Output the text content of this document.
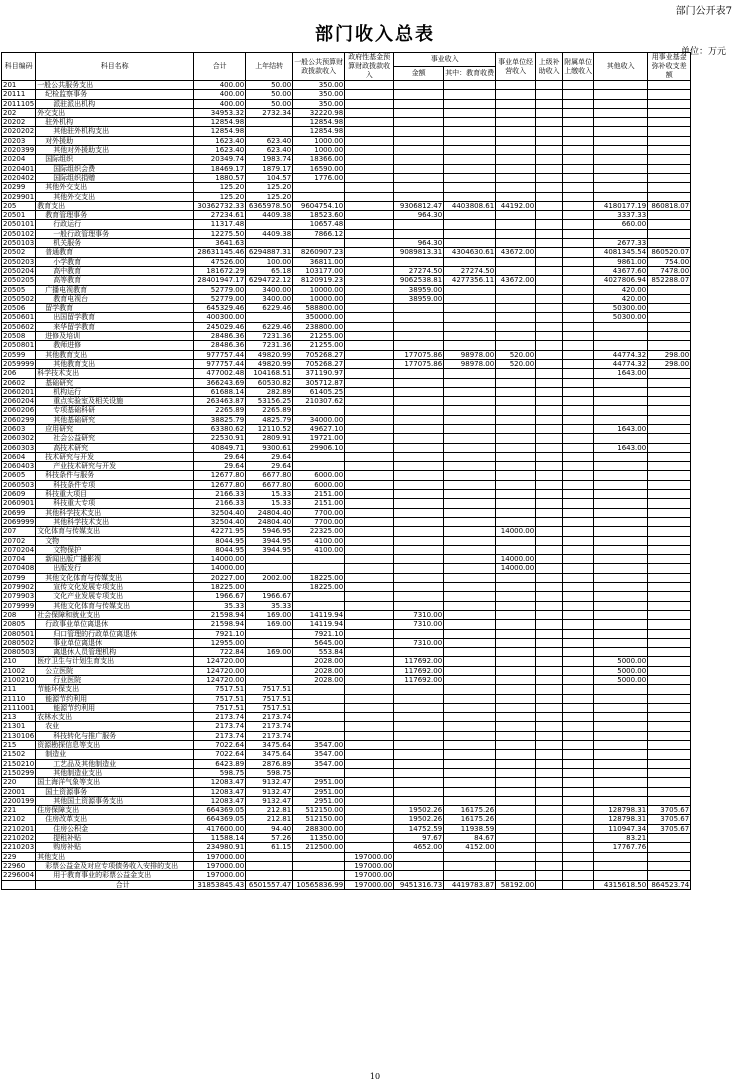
部门公开表7
部门收入总表
单位：万元
科目编码	科目名称	合计	上年结转	一般公共预算财政拨款收入	政府性基金预算财政拨款收入	事业收入		事业单位经营收入	上级补助收入	附属单位上缴收入	其他收入	用事业基金弥补收支差额
						金额	其中：教育收费					
201	一般公共服务支出	400.00	50.00	350.00								
20111	纪检监察事务	400.00	50.00	350.00								
2011105	派驻派出机构	400.00	50.00	350.00								
202	外交支出	34953.32	2732.34	32220.98								
20202	驻外机构	12854.98		12854.98								
2020202	其他驻外机构支出	12854.98		12854.98								
20203	对外援助	1623.40	623.40	1000.00								
2020399	其他对外援助支出	1623.40	623.40	1000.00								
20204	国际组织	20349.74	1983.74	18366.00								
2020401	国际组织会费	18469.17	1879.17	16590.00								
2020402	国际组织捐赠	1880.57	104.57	1776.00								
20299	其他外交支出	125.20	125.20									
2029901	其他外交支出	125.20	125.20									
205	教育支出	30362732.33	6365978.50	9604754.10		9306812.47	4403808.61	44192.00			4180177.19	860818.07
20501	教育管理事务	27234.61	4409.38	18523.60		964.30					3337.33	
2050101	行政运行	11317.48		10657.48							660.00	
2050102	一般行政管理事务	12275.50	4409.38	7866.12								
2050103	机关服务	3641.63				964.30					2677.33	
20502	普通教育	28631145.46	6294887.31	8260907.23		9089813.31	4304630.61	43672.00			4081345.54	860520.07
2050203	小学教育	47526.00	100.00	36811.00							9861.00	754.00
2050204	高中教育	181672.29	65.18	103177.00		27274.50	27274.50				43677.60	7478.00
2050205	高等教育	28401947.17	6294722.12	8120919.23		9062538.81	4277356.11	43672.00			4027806.94	852288.07
20505	广播电视教育	52779.00	3400.00	10000.00		38959.00					420.00	
2050502	教育电视台	52779.00	3400.00	10000.00		38959.00					420.00	
20506	留学教育	645329.46	6229.46	588800.00							50300.00	
2050601	出国留学教育	400300.00		350000.00							50300.00	
2050602	来华留学教育	245029.46	6229.46	238800.00								
20508	进修及培训	28486.36	7231.36	21255.00								
2050801	教师进修	28486.36	7231.36	21255.00								
20599	其他教育支出	977757.44	49820.99	705268.27		177075.86	98978.00	520.00			44774.32	298.00
2059999	其他教育支出	977757.44	49820.99	705268.27		177075.86	98978.00	520.00			44774.32	298.00
206	科学技术支出	477002.48	104168.51	371190.97							1643.00	
20602	基础研究	366243.69	60530.82	305712.87								
2060201	机构运行	61688.14	282.89	61405.25								
2060204	重点实验室及相关设施	263463.87	53156.25	210307.62								
2060206	专项基础科研	2265.89	2265.89									
2060299	其他基础研究	38825.79	4825.79	34000.00								
20603	应用研究	63380.62	12110.52	49627.10							1643.00	
2060302	社会公益研究	22530.91	2809.91	19721.00								
2060303	高技术研究	40849.71	9300.61	29906.10							1643.00	
20604	技术研究与开发	29.64	29.64									
2060403	产业技术研究与开发	29.64	29.64									
20605	科技条件与服务	12677.80	6677.80	6000.00								
2060503	科技条件专项	12677.80	6677.80	6000.00								
20609	科技重大项目	2166.33	15.33	2151.00								
2060901	科技重大专项	2166.33	15.33	2151.00								
20699	其他科学技术支出	32504.40	24804.40	7700.00								
2069999	其他科学技术支出	32504.40	24804.40	7700.00								
207	文化体育与传媒支出	42271.95	5946.95	22325.00				14000.00				
20702	文物	8044.95	3944.95	4100.00								
2070204	文物保护	8044.95	3944.95	4100.00								
20704	新闻出版广播影视	14000.00						14000.00				
2070408	出版发行	14000.00						14000.00				
20799	其他文化体育与传媒支出	20227.00	2002.00	18225.00								
2079902	宣传文化发展专项支出	18225.00		18225.00								
2079903	文化产业发展专项支出	1966.67	1966.67									
2079999	其他文化体育与传媒支出	35.33	35.33									
208	社会保障和就业支出	21598.94	169.00	14119.94		7310.00						
20805	行政事业单位离退休	21598.94	169.00	14119.94		7310.00						
2080501	归口管理的行政单位离退休	7921.10		7921.10								
2080502	事业单位离退休	12955.00		5645.00		7310.00						
2080503	离退休人员管理机构	722.84	169.00	553.84								
210	医疗卫生与计划生育支出	124720.00		2028.00		117692.00					5000.00	
21002	公立医院	124720.00		2028.00		117692.00					5000.00	
2100210	行业医院	124720.00		2028.00		117692.00					5000.00	
211	节能环保支出	7517.51	7517.51									
21110	能源节约利用	7517.51	7517.51									
2111001	能源节约利用	7517.51	7517.51									
213	农林水支出	2173.74	2173.74									
21301	农业	2173.74	2173.74									
2130106	科技转化与推广服务	2173.74	2173.74									
215	资源勘探信息等支出	7022.64	3475.64	3547.00								
21502	制造业	7022.64	3475.64	3547.00								
2150210	工艺品及其他制造业	6423.89	2876.89	3547.00								
2150299	其他制造业支出	598.75	598.75									
220	国土海洋气象等支出	12083.47	9132.47	2951.00								
22001	国土资源事务	12083.47	9132.47	2951.00								
2200199	其他国土资源事务支出	12083.47	9132.47	2951.00								
221	住房保障支出	664369.05	212.81	512150.00		19502.26	16175.26				128798.31	3705.67
22102	住房改革支出	664369.05	212.81	512150.00		19502.26	16175.26				128798.31	3705.67
2210201	住房公积金	417600.00	94.40	288300.00		14752.59	11938.59				110947.34	3705.67
2210202	提租补贴	11588.14	57.26	11350.00		97.67	84.67				83.21	
2210203	购房补贴	234980.91	61.15	212500.00		4652.00	4152.00				17767.76	
229	其他支出	197000.00			197000.00							
22960	彩票公益金及对应专项债务收入安排的支出	197000.00			197000.00							
2296004	用于教育事业的彩票公益金支出	197000.00			197000.00							
	合计	31853845.43	6501557.47	10565836.99	197000.00	9451316.73	4419783.87	58192.00			4315618.50	864523.74
10
